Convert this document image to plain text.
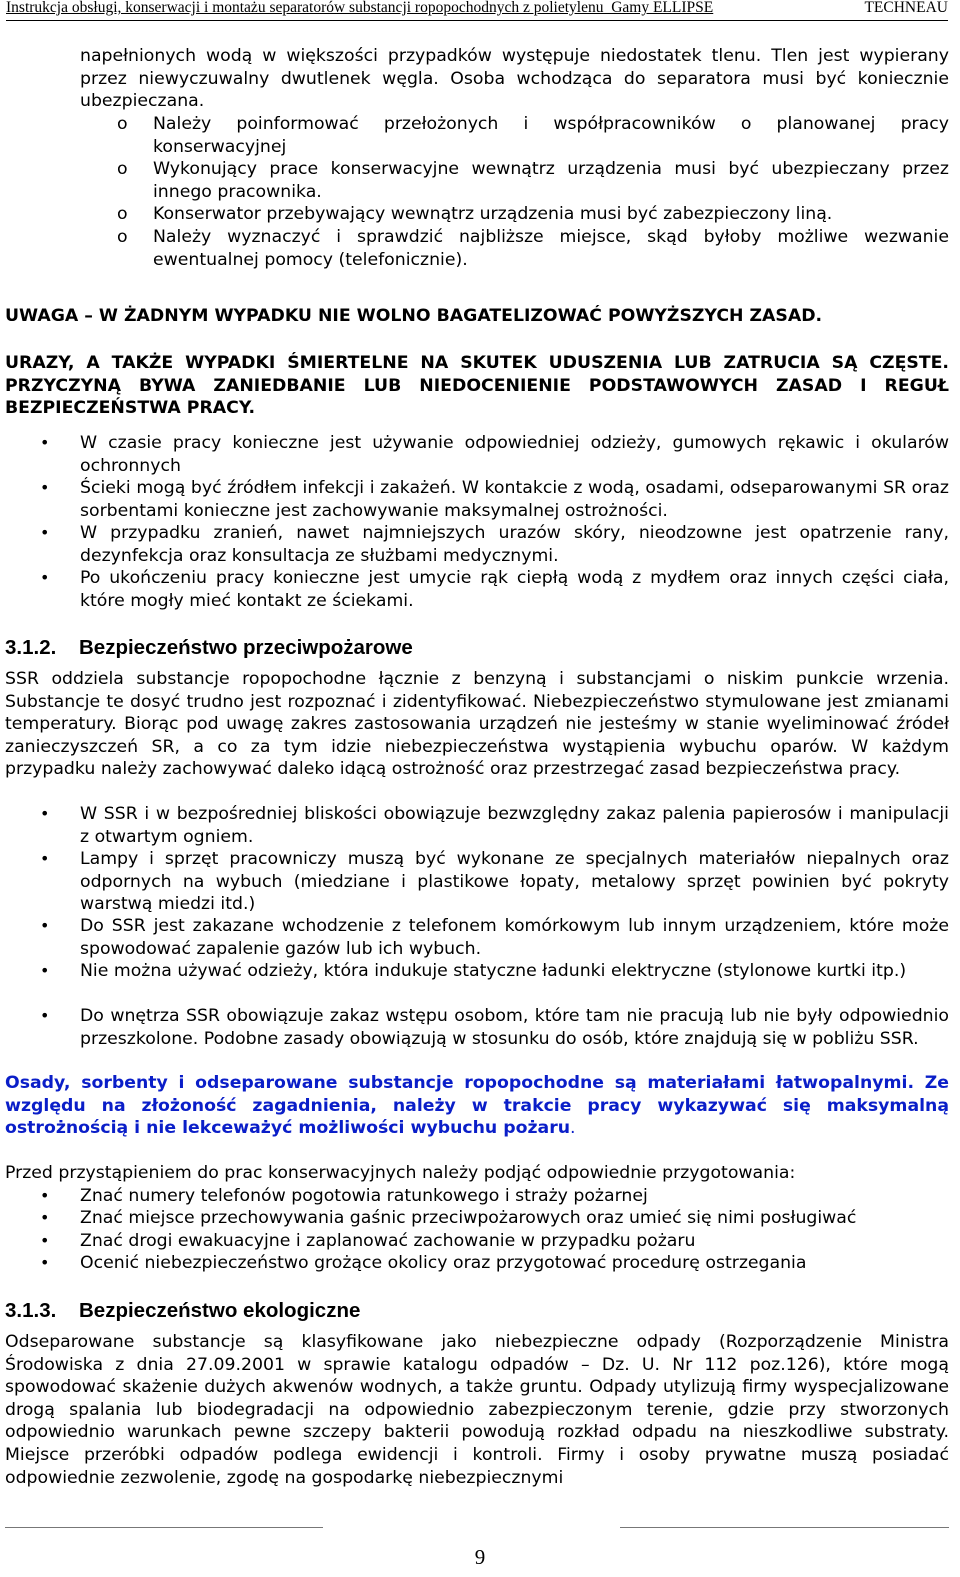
Instrukcja obsługi, konserwacji i montażu separatorów substancji ropopochodnych z polietylenu_Gamy ELLIPSE	TECHNEAU

napełnionych wodą w większości przypadków występuje niedostatek tlenu. Tlen jest wypierany przez niewyczuwalny dwutlenek węgla. Osoba wchodząca do separatora musi być koniecznie ubezpieczana.

o Należy poinformować przełożonych i współpracowników o planowanej pracy konserwacyjnej

o Wykonujący prace konserwacyjne wewnątrz urządzenia musi być ubezpieczany przez innego pracownika.

o Konserwator przebywający wewnątrz urządzenia musi być zabezpieczony liną.

o Należy wyznaczyć i sprawdzić najbliższe miejsce, skąd byłoby możliwe wezwanie ewentualnej pomocy (telefonicznie).

UWAGA – W ŻADNYM WYPADKU NIE WOLNO BAGATELIZOWAĆ POWYŻSZYCH ZASAD.

URAZY, A TAKŻE WYPADKI ŚMIERTELNE NA SKUTEK UDUSZENIA LUB ZATRUCIA SĄ CZĘSTE. PRZYCZYNĄ BYWA ZANIEDBANIE LUB NIEDOCENIENIE PODSTAWOWYCH ZASAD I REGUŁ BEZPIECZEŃSTWA PRACY.

• W czasie pracy konieczne jest używanie odpowiedniej odzieży, gumowych rękawic i okularów ochronnych

• Ścieki mogą być źródłem infekcji i zakażeń. W kontakcie z wodą, osadami, odseparowanymi SR oraz sorbentami konieczne jest zachowywanie maksymalnej ostrożności.

• W przypadku zranień, nawet najmniejszych urazów skóry, nieodzowne jest opatrzenie rany, dezynfekcja oraz konsultacja ze służbami medycznymi.

• Po ukończeniu pracy konieczne jest umycie rąk ciepłą wodą z mydłem oraz innych części ciała, które mogły mieć kontakt ze ściekami.

3.1.2. Bezpieczeństwo przeciwpożarowe

SSR oddziela substancje ropopochodne łącznie z benzyną i substancjami o niskim punkcie wrzenia. Substancje te dosyć trudno jest rozpoznać i zidentyfikować. Niebezpieczeństwo stymulowane jest zmianami temperatury. Biorąc pod uwagę zakres zastosowania urządzeń nie jesteśmy w stanie wyeliminować źródeł zanieczyszczeń SR, a co za tym idzie niebezpieczeństwa wystąpienia wybuchu oparów. W każdym przypadku należy zachowywać daleko idącą ostrożność oraz przestrzegać zasad bezpieczeństwa pracy.

• W SSR i w bezpośredniej bliskości obowiązuje bezwzględny zakaz palenia papierosów i manipulacji z otwartym ogniem.

• Lampy i sprzęt pracowniczy muszą być wykonane ze specjalnych materiałów niepalnych oraz odpornych na wybuch (miedziane i plastikowe łopaty, metalowy sprzęt powinien być pokryty warstwą miedzi itd.)

• Do SSR jest zakazane wchodzenie z telefonem komórkowym lub innym urządzeniem, które może spowodować zapalenie gazów lub ich wybuch.

• Nie można używać odzieży, która indukuje statyczne ładunki elektryczne (stylonowe kurtki itp.)

• Do wnętrza SSR obowiązuje zakaz wstępu osobom, które tam nie pracują lub nie były odpowiednio przeszkolone. Podobne zasady obowiązują w stosunku do osób, które znajdują się w pobliżu SSR.

Osady, sorbenty i odseparowane substancje ropopochodne są materiałami łatwopalnymi. Ze względu na złożoność zagadnienia, należy w trakcie pracy wykazywać się maksymalną ostrożnością i nie lekceważyć możliwości wybuchu pożaru.

Przed przystąpieniem do prac konserwacyjnych należy podjąć odpowiednie przygotowania:

• Znać numery telefonów pogotowia ratunkowego i straży pożarnej

• Znać miejsce przechowywania gaśnic przeciwpożarowych oraz umieć się nimi posługiwać

• Znać drogi ewakuacyjne i zaplanować zachowanie w przypadku pożaru

• Ocenić niebezpieczeństwo grożące okolicy oraz przygotować procedurę ostrzegania

3.1.3. Bezpieczeństwo ekologiczne

Odseparowane substancje są klasyfikowane jako niebezpieczne odpady (Rozporządzenie Ministra Środowiska z dnia 27.09.2001 w sprawie katalogu odpadów – Dz. U. Nr 112 poz.126), które mogą spowodować skażenie dużych akwenów wodnych, a także gruntu. Odpady utylizują firmy wyspecjalizowane drogą spalania lub biodegradacji na odpowiednio zabezpieczonym terenie, gdzie przy stworzonych odpowiednio warunkach pewne szczepy bakterii powodują rozkład odpadu na nieszkodliwe substraty. Miejsce przeróbki odpadów podlega ewidencji i kontroli. Firmy i osoby prywatne muszą posiadać odpowiednie zezwolenie, zgodę na gospodarkę niebezpiecznymi

9
